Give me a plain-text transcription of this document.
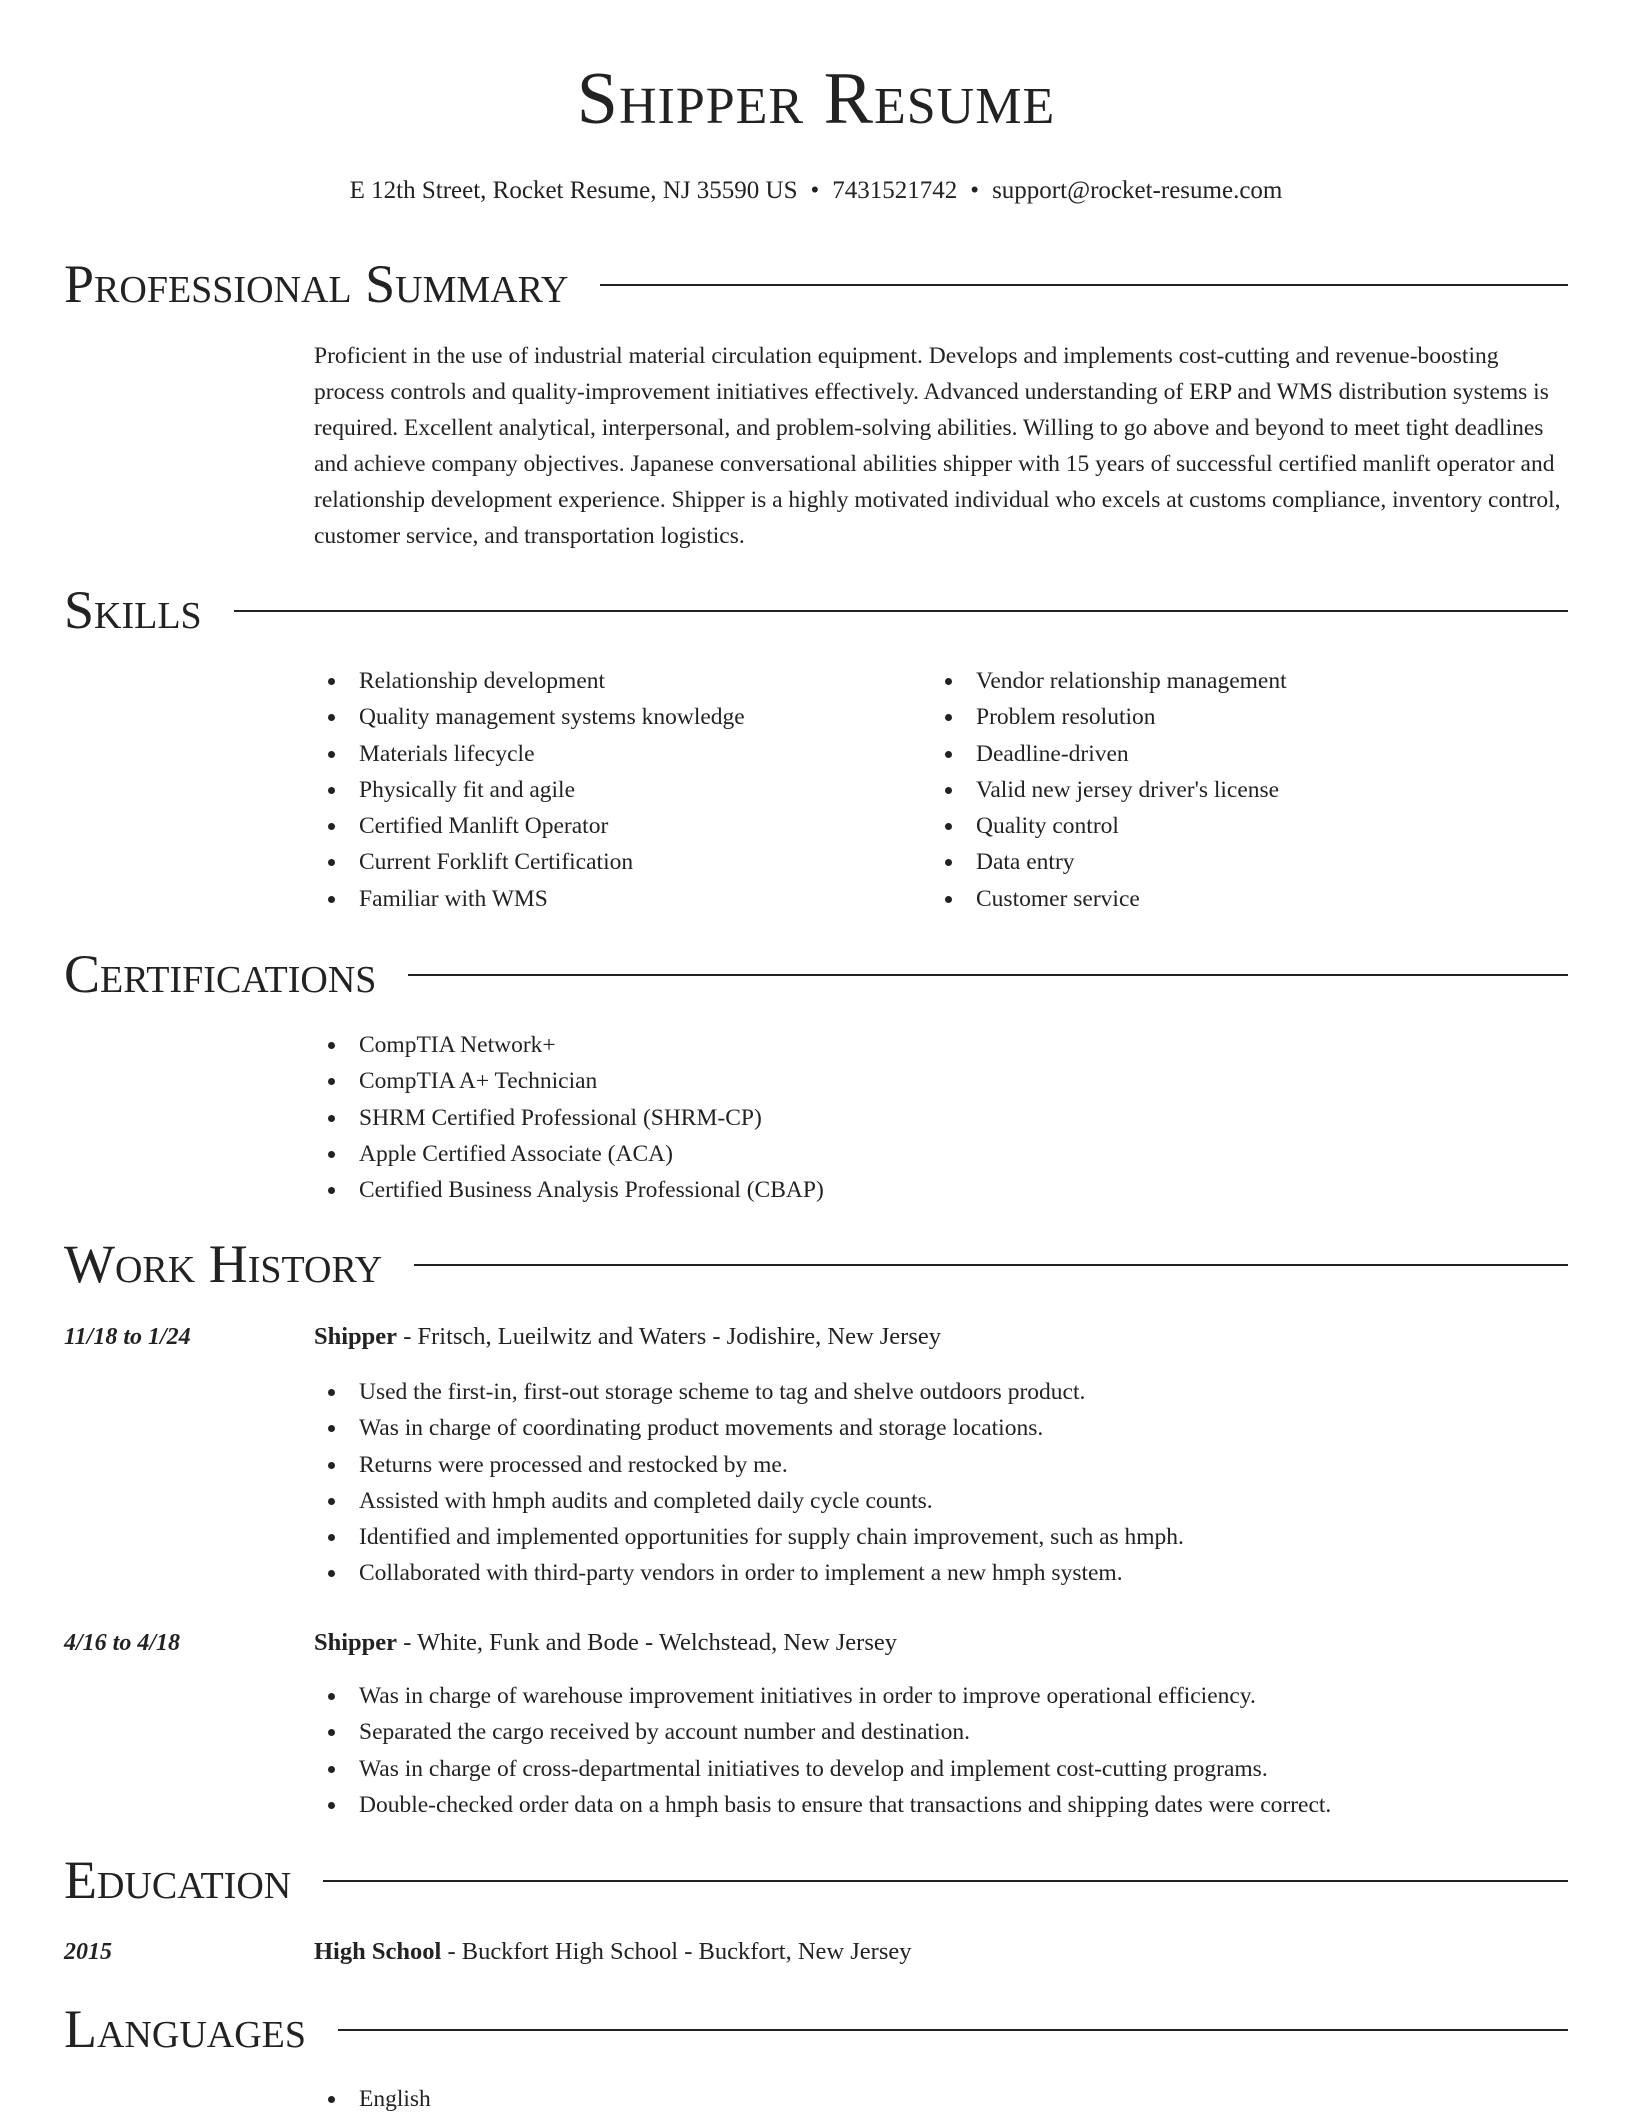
Shipper Resume
E 12th Street, Rocket Resume, NJ 35590 US • 7431521742 • support@rocket-resume.com
Professional Summary

Proficient in the use of industrial material circulation equipment. Develops and implements cost-cutting and revenue-boosting process controls and quality-improvement initiatives effectively. Advanced understanding of ERP and WMS distribution systems is required. Excellent analytical, interpersonal, and problem-solving abilities. Willing to go above and beyond to meet tight deadlines and achieve company objectives. Japanese conversational abilities shipper with 15 years of successful certified manlift operator and relationship development experience. Shipper is a highly motivated individual who excels at customs compliance, inventory control, customer service, and transportation logistics.

Skills
Relationship development
Quality management systems knowledge
Materials lifecycle
Physically fit and agile
Certified Manlift Operator
Current Forklift Certification
Familiar with WMS
Vendor relationship management
Problem resolution
Deadline-driven
Valid new jersey driver's license
Quality control
Data entry
Customer service
Certifications
CompTIA Network+
CompTIA A+ Technician
SHRM Certified Professional (SHRM-CP)
Apple Certified Associate (ACA)
Certified Business Analysis Professional (CBAP)
Work History
11/18 to 1/24	Shipper - Fritsch, Lueilwitz and Waters - Jodishire, New Jersey
Used the first-in, first-out storage scheme to tag and shelve outdoors product.
Was in charge of coordinating product movements and storage locations.
Returns were processed and restocked by me.
Assisted with hmph audits and completed daily cycle counts.
Identified and implemented opportunities for supply chain improvement, such as hmph.
Collaborated with third-party vendors in order to implement a new hmph system.
4/16 to 4/18	Shipper - White, Funk and Bode - Welchstead, New Jersey
Was in charge of warehouse improvement initiatives in order to improve operational efficiency.
Separated the cargo received by account number and destination.
Was in charge of cross-departmental initiatives to develop and implement cost-cutting programs.
Double-checked order data on a hmph basis to ensure that transactions and shipping dates were correct.
Education
2015	High School - Buckfort High School - Buckfort, New Jersey
Languages
English
